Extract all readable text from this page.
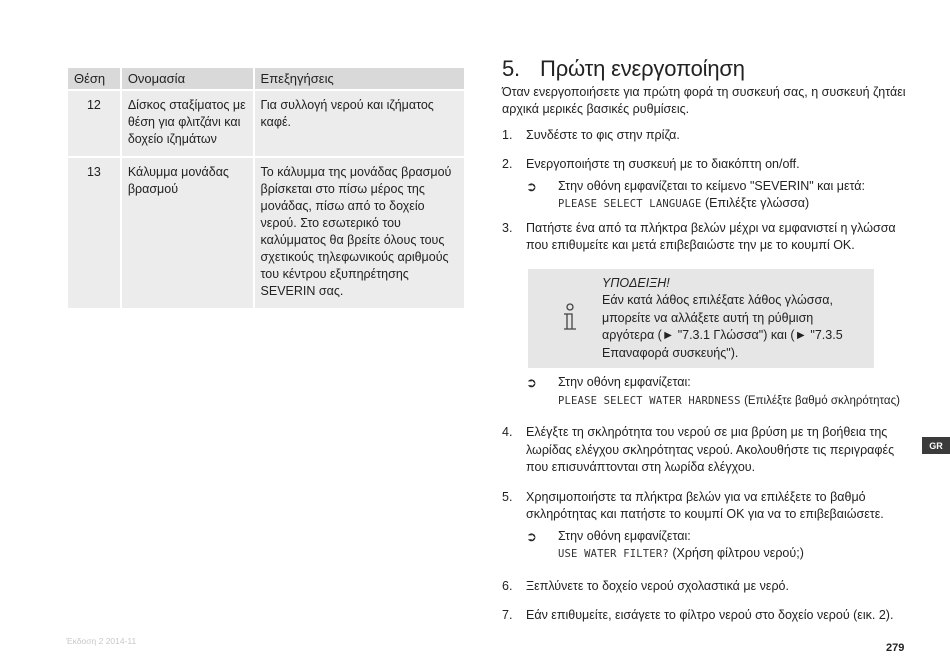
Θέση	Ονομασία	Επεξηγήσεις
12	Δίσκος σταξίματος με θέση για φλιτζάνι και δοχείο ιζημάτων	Για συλλογή νερού και ιζήματος καφέ.
13	Κάλυμμα μονάδας βρασμού	Το κάλυμμα της μονάδας βρασμού βρίσκεται στο πίσω μέρος της μονάδας, πίσω από το δοχείο νερού. Στο εσωτερικό του καλύμματος θα βρείτε όλους τους σχετικούς τηλεφωνικούς αριθμούς του κέντρου εξυπηρέτησης SEVERIN σας.
5. Πρώτη ενεργοποίηση

Όταν ενεργοποιήσετε για πρώτη φορά τη συσκευή σας, η συσκευή ζητάει αρχικά μερικές βασικές ρυθμίσεις.

1.	Συνδέστε το φις στην πρίζα.
2.	Ενεργοποιήστε τη συσκευή με το διακόπτη on/off.
➲	Στην οθόνη εμφανίζεται το κείμενο "SEVERIN" και μετά:
PLEASE SELECT LANGUAGE (Επιλέξτε γλώσσα)
3.	Πατήστε ένα από τα πλήκτρα βελών μέχρι να εμφανιστεί η γλώσσα που επιθυμείτε και μετά επιβεβαιώστε την με το κουμπί OK.
ΥΠΟΔΕΙΞΗ!
Εάν κατά λάθος επιλέξατε λάθος γλώσσα, μπορείτε να αλλάξετε αυτή τη ρύθμιση αργότερα (► "7.3.1 Γλώσσα") και (► "7.3.5 Επαναφορά συσκευής").
➲	Στην οθόνη εμφανίζεται:
PLEASE SELECT WATER HARDNESS (Επιλέξτε βαθμό σκληρότητας)
4.	Ελέγξτε τη σκληρότητα του νερού σε μια βρύση με τη βοήθεια της λωρίδας ελέγχου σκληρότητας νερού. Ακολουθήστε τις περιγραφές που επισυνάπτονται στη λωρίδα ελέγχου.
5.	Χρησιμοποιήστε τα πλήκτρα βελών για να επιλέξετε το βαθμό σκληρότητας και πατήστε το κουμπί OK για να το επιβεβαιώσετε.
➲	Στην οθόνη εμφανίζεται:
USE WATER FILTER? (Χρήση φίλτρου νερού;)
6.	Ξεπλύνετε το δοχείο νερού σχολαστικά με νερό.
7.	Εάν επιθυμείτε, εισάγετε το φίλτρο νερού στο δοχείο νερού (εικ. 2).
GR
Έκδοση 2 2014-11
279
